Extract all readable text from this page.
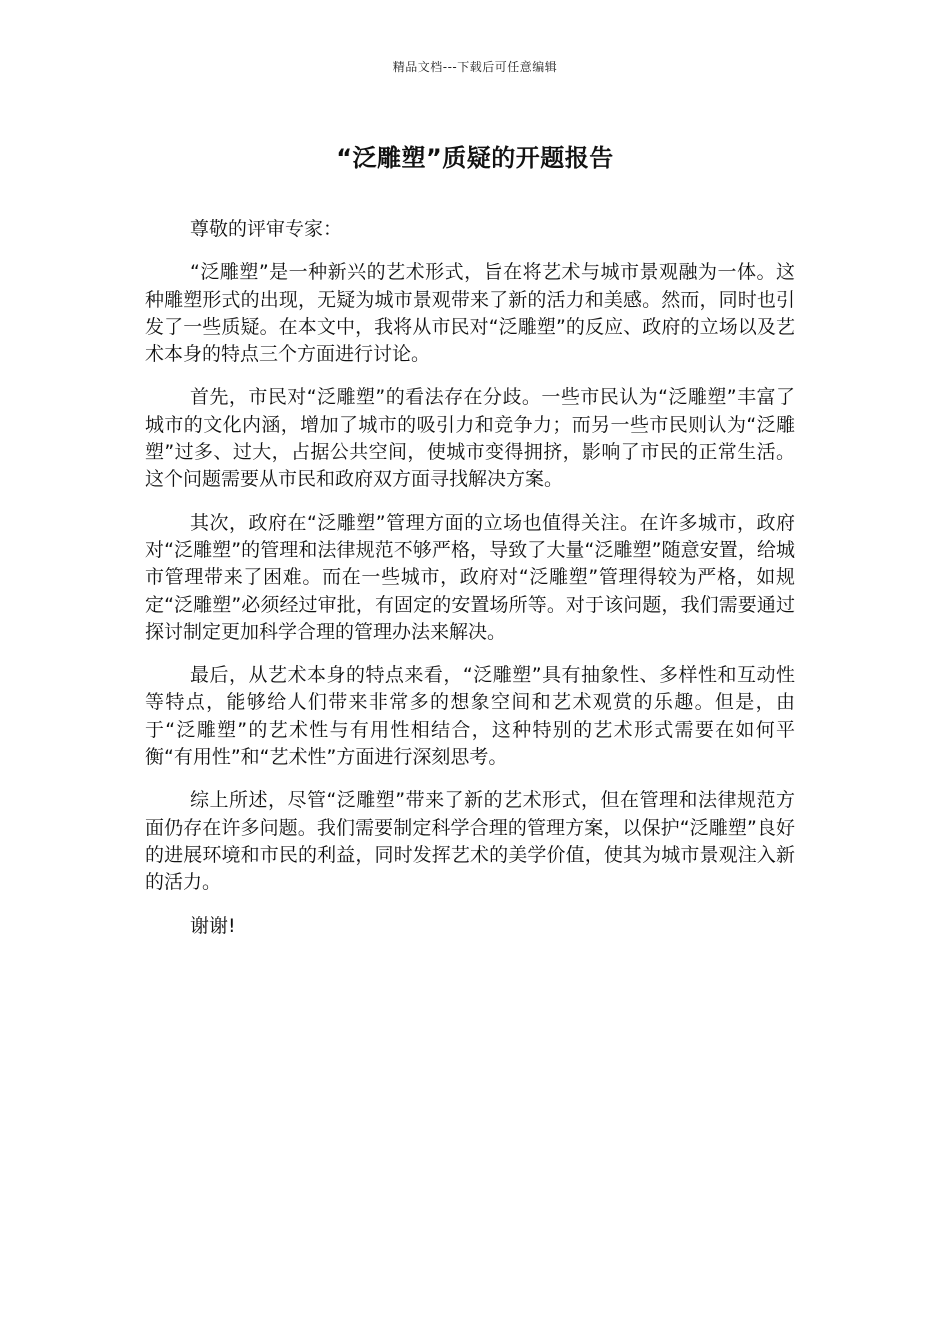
精品文档---下载后可任意编辑
“泛雕塑”质疑的开题报告

尊敬的评审专家：

“泛雕塑”是一种新兴的艺术形式，旨在将艺术与城市景观融为一体。这种雕塑形式的出现，无疑为城市景观带来了新的活力和美感。然而，同时也引发了一些质疑。在本文中，我将从市民对“泛雕塑”的反应、政府的立场以及艺术本身的特点三个方面进行讨论。

首先，市民对“泛雕塑”的看法存在分歧。一些市民认为“泛雕塑”丰富了城市的文化内涵，增加了城市的吸引力和竞争力；而另一些市民则认为“泛雕塑”过多、过大，占据公共空间，使城市变得拥挤，影响了市民的正常生活。这个问题需要从市民和政府双方面寻找解决方案。

其次，政府在“泛雕塑”管理方面的立场也值得关注。在许多城市，政府对“泛雕塑”的管理和法律规范不够严格，导致了大量“泛雕塑”随意安置，给城市管理带来了困难。而在一些城市，政府对“泛雕塑”管理得较为严格，如规定“泛雕塑”必须经过审批，有固定的安置场所等。对于该问题，我们需要通过探讨制定更加科学合理的管理办法来解决。

最后，从艺术本身的特点来看，“泛雕塑”具有抽象性、多样性和互动性等特点，能够给人们带来非常多的想象空间和艺术观赏的乐趣。但是，由于“泛雕塑”的艺术性与有用性相结合，这种特别的艺术形式需要在如何平衡“有用性”和“艺术性”方面进行深刻思考。

综上所述，尽管“泛雕塑”带来了新的艺术形式，但在管理和法律规范方面仍存在许多问题。我们需要制定科学合理的管理方案，以保护“泛雕塑”良好的进展环境和市民的利益，同时发挥艺术的美学价值，使其为城市景观注入新的活力。

谢谢!
